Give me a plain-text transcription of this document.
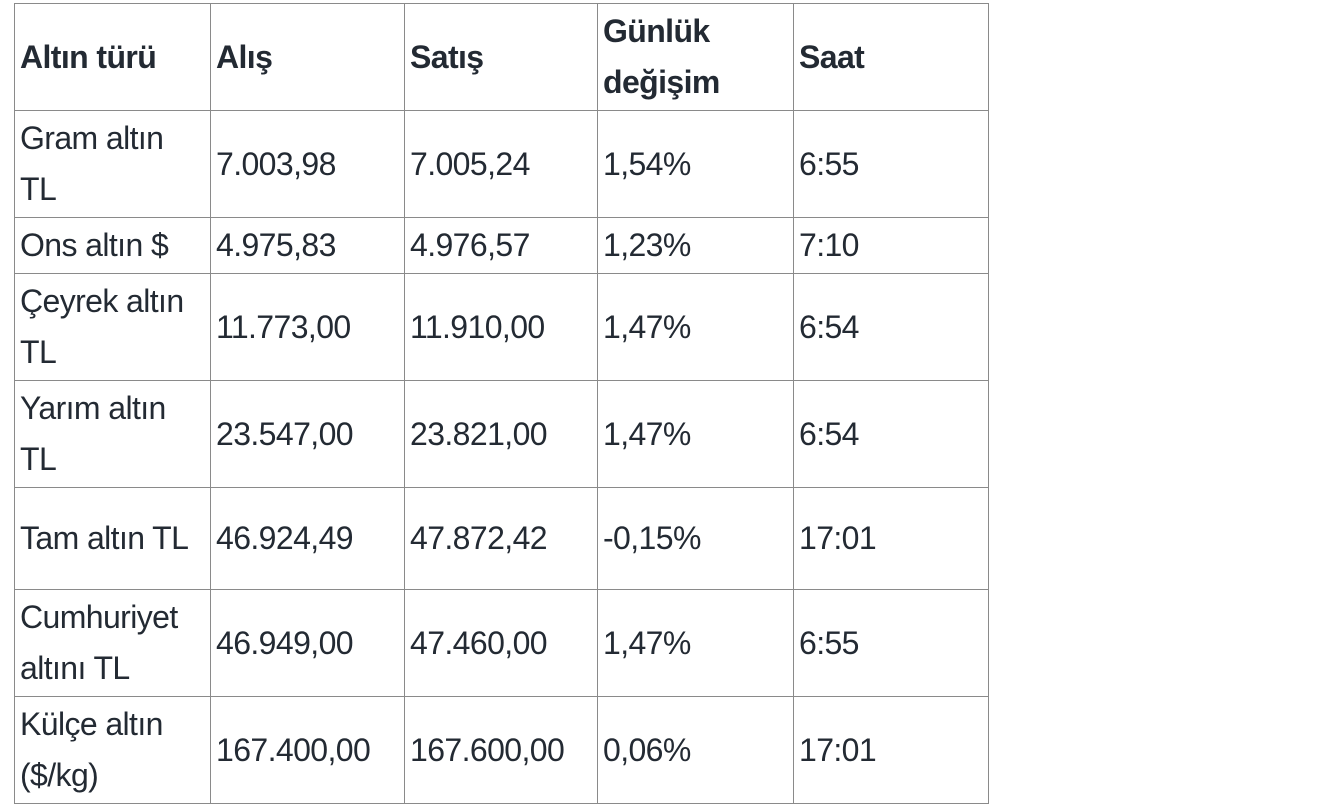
Altın türü	Alış	Satış	Günlük değişim	Saat
Gram altın TL	7.003,98	7.005,24	1,54%	6:55
Ons altın $	4.975,83	4.976,57	1,23%	7:10
Çeyrek altın TL	11.773,00	11.910,00	1,47%	6:54
Yarım altın TL	23.547,00	23.821,00	1,47%	6:54
Tam altın TL	46.924,49	47.872,42	-0,15%	17:01
Cumhuriyet altını TL	46.949,00	47.460,00	1,47%	6:55
Külçe altın ($/kg)	167.400,00	167.600,00	0,06%	17:01
